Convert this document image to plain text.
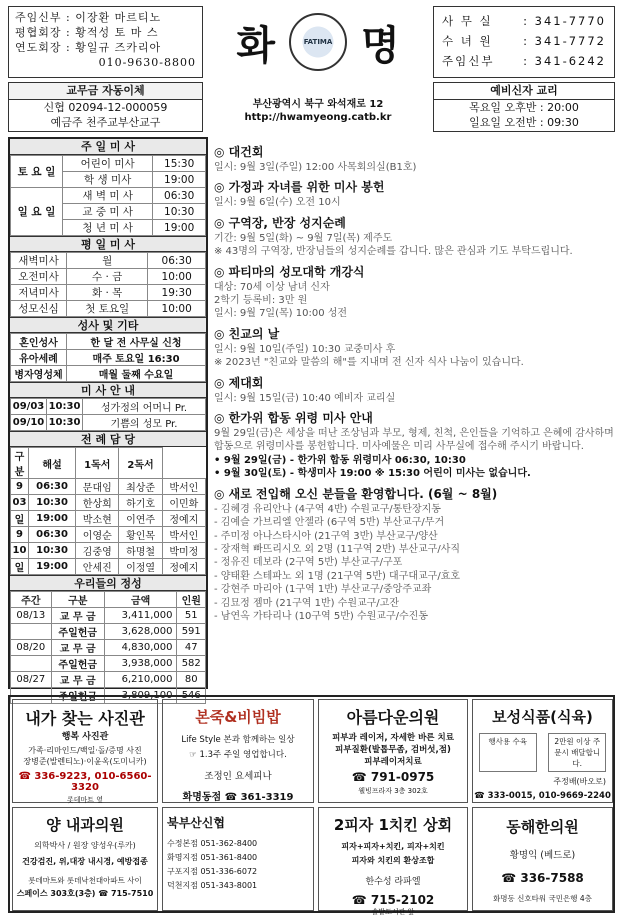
주임신부 : 이장환 마르티노
평협회장 : 황적성 토 마 스
연도회장 : 황일규 즈카리아
010-9630-8800 화	FATIMA 명
사 무 실	: 341-7770
수 녀 원	: 341-7772
주임신부 : 341-6242
교무금 자동이체
신협 02094-12-000059
예금주 천주교부산교구
부산광역시 북구 와석재로 12
http://hwamyeong.catb.kr
예비신자 교리
목요일 오후반 : 20:00
일요일 오전반 : 09:30
주 일 미 사
토 요 일	어린이 미사	15:30
	학 생 미사	19:00
일 요 일	새 벽 미 사	06:30
	교 중 미 사	10:30
	청 년 미 사	19:00
평 일 미 사
새벽미사	월	06:30
오전미사	수 · 금	10:00
저녁미사	화 · 목	19:30
성모신심	첫 토요일	10:00
성사 및 기타
혼인성사	한 달 전 사무실 신청
유아세례	매주 토요일 16:30
병자영성체	매월 둘째 수요일
미 사 안 내
09/03	10:30	성가정의 어머니 Pr.
09/10	10:30	기쁨의 성모 Pr.
전 례 담 당
구분	해설	1독서	2독서	
9	06:30	문대임	최상준	박서인
03	10:30	한상희	하기호	이민화
일	19:00	박소현	이연주	정예지
9	06:30	이영순	황인목	박서인
10	10:30	김중영	하명철	박미정
일	19:00	안세진	이정열	정예지
우리들의 정성
주간	구분	금액	인원
08/13	교 무 금	3,411,000	51
	주일헌금	3,628,000	591
08/20	교 무 금	4,830,000	47
	주일헌금	3,938,000	582
08/27	교 무 금	6,210,000	80
	주일헌금	3,809,100	546
◎ 대건회
일시: 9월 3일(주일) 12:00 사목회의실(B1호)
◎ 가정과 자녀를 위한 미사 봉헌
일시: 9월 6일(수) 오전 10시
◎ 구역장, 반장 성지순례
기간: 9월 5일(화) ~ 9월 7일(목) 제주도
※ 43명의 구역장, 반장님들의 성지순례를 갑니다. 많은 관심과 기도 부탁드립니다.
◎ 파티마의 성모대학 개강식
대상: 70세 이상 남녀 신자
2학기 등록비: 3만 원
일시: 9월 7일(목) 10:00 성전
◎ 친교의 날
일시: 9월 10일(주일) 10:30 교중미사 후
※ 2023년 "친교와 말씀의 해"를 지내며 전 신자 식사 나눔이 있습니다.
◎ 제대회
일시: 9월 15일(금) 10:40 예비자 교리실
◎ 한가위 합동 위령 미사 안내
9월 29일(금)은 세상을 떠난 조상님과 부모, 형제, 친척, 은인들을 기억하고 은혜에 감사하며 합동으로 위령미사를 봉헌합니다. 미사예물은 미리 사무실에 접수해 주시기 바랍니다.
• 9월 29일(금) - 한가위 합동 위령미사 06:30, 10:30
• 9월 30일(토) - 학생미사 19:00 ※ 15:30 어린이 미사는 없습니다.
◎ 새로 전입해 오신 분들을 환영합니다. (6월 ~ 8월)
- 김혜경 유리안나 (4구역 4반) 수원교구/통탄장지동
- 김예슬 가브리엘 안젤라 (6구역 5반) 부산교구/무거
- 주미정 아나스타시아 (21구역 3반) 부산교구/양산
- 장재혁 빠뜨리시오 외 2명 (11구역 2반) 부산교구/사직
- 정유진 데보라 (2구역 5반) 부산교구/구포
- 양태환 스테파노 외 1명 (21구역 5반) 대구대교구/효호
- 강현주 마리아 (1구역 1반) 부산교구/중앙주교좌
- 김묘정 젬마 (21구역 1반) 수원교구/고잔
- 남연옥 가타리나 (10구역 5반) 수원교구/수진동
내가 찾는 사진관
행복 사진관
가족·리마인드/백일·돌/증명 사진
장병준(발렌티노)·이윤옥(도미니카)
☎ 336-9223, 010-6560-3320
롯데마트 옆
본죽&비빔밥
Life Style 본과 함께하는 일상
☞ 1.3주 주일 영업합니다.
조정인 요세피나
화명동점 ☎ 361-3319
아름다운의원
피부과 레이저, 자세한 바른 치료
피부질환(발톱무좀, 검버섯,점)
피부레이저치료
☎ 791-0975
웰빙프라자 3층 302호
보성식품(식육)
행사용 수육	2만원 이상 주문시 배달합니다.
주정배(바오로)
☎ 333-0015, 010-9669-2240
양 내과의원
의학박사 / 원장 양성우(루카)
건강검진, 위,대장 내시경, 예방접종
롯데마트와 롯데낙천대아파트 사이
스페이스 303호(3층) ☎ 715-7510
북부산신협
수정본점 051-362-8400
화명지점 051-361-8400
구포지점 051-336-6072
덕천지점 051-343-8001
2피자 1치킨 상회
피자+피자+치킨, 피자+치킨
피자와 치킨의 환상조합
한수성 라파엘
☎ 715-2102
솔밭도서관 앞
동해한의원
황명익 (베드로)
☎ 336-7588
화명동 신호타워 국민은행 4층
